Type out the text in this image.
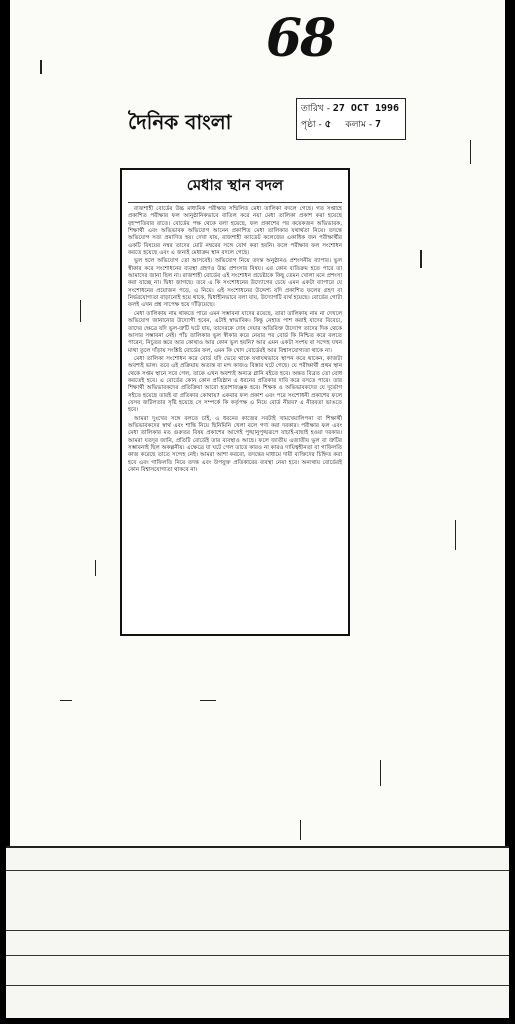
68
দৈনিক বাংলা
তারিখ - 27 OCT 1996
পৃষ্ঠা - ৫ কলাম - 7
মেধার স্থান বদল

রাজশাহী বোর্ডের উচ্চ মাধ্যমিক পরীক্ষার সম্মিলিত মেধা তালিকা বদলে গেছে। গত সপ্তাহে প্রকাশিত পরীক্ষার ফল আনুষ্ঠানিকভাবে বাতিল করে নয়া মেধা তালিকা প্রকাশ করা হয়েছে বৃহস্পতিবার রাতে। বোর্ডের পক্ষ থেকে বলা হয়েছে, ফল প্রকাশের পর কয়েকজন অভিভাবক, শিক্ষার্থী এবং অভিভাবক অভিযোগ আনেন প্রকাশিত মেধা তালিকার যথার্থতা নিয়ে। তদন্তে অভিযোগ সত্য প্রমাণিত হয়। দেখা যায়, রাজশাহী ক্যাডেট কলেজের একাধিক জন পরীক্ষার্থীর একটি বিষয়ের নম্বর তাদের মোট নম্বরের সঙ্গে যোগ করা হয়নি। ফলে পরীক্ষার ফল সংশোধন করতে হয়েছে এবং এ জন্যই মেধাক্রম স্থান বদলে গেছে।

ভুল হলে অভিযোগ তো আসবেই। অভিযোগ নিয়ে তদন্ত অনুষ্ঠানও প্রশংসনীয় ব্যাপার। ভুল স্বীকার করে সংশোধনের ব্যবস্থা গ্রহণও উচ্চ প্রশংসার বিষয়। এর কোন ব্যতিক্রম হতে পারে তা আমাদের জানা ছিল না। রাজশাহী বোর্ডের এই সংশোধন প্রচেষ্টাকে কিছু তেমন খোলা মনে প্রশংসা করা যাচ্ছে না। দ্বিধা জাগছে। তবে এ কি সংশোধনের উদ্যোগের চেয়ে এমন একটা ব্যাপারে যে সংশোধনের প্রয়োজন পড়ে, এ নিয়ে। এই সংশোধনের উদ্দেশ্য যদি প্রকাশিত ফলের গ্রহণ বা নির্ভরযোগ্যতা বাড়ানোই হয়ে থাকে, দ্বিধাহীনভাবে বলা যায়, উদ্যোগটি ব্যর্থ হয়েছে। বোর্ডের গোটা ফলই এখন প্রশ্ন সাপেক্ষ হয়ে দাঁড়িয়েছে।

মেধা তালিকায় নাম থাকতে পারে এমন সম্ভাবনা যাদের রয়েছে, তারা তালিকায় নাম না দেখলে অভিযোগ জানানোর উদ্যোগী হবেন, এটাই স্বাভাবিক। কিন্তু নেহাত পাশ করাই যাদের বিবেচ্য, তাদের ক্ষেত্রে যদি ভুল-ত্রুটি ঘটে যায়, তাদেরকে দোষ দেয়ার অতিরিক্ত উদ্যোগ তাদের দিক থেকে আসার সম্ভাবনা নেই। পাঁচ তালিকার ভুল স্বীকার করে নেয়ার পর বোর্ড কি নিশ্চিত করে বলতে পারেন, নিচুতর স্তরে আর কোথাও আর কোন ভুল হয়নি? আর এমন একটা সংশয় বা সন্দেহ যখন মাথা তুলে দাঁড়ায় সংশ্লিষ্ট বোর্ডের ফল, এমন কি খোদ বোর্ডেরই আর বিশ্বাসযোগ্যতা থাকে না।

মেধা তালিকা সংশোধন করে বোর্ড যদি ভেবে থাকে যথাযথভাবে স্থাপন করে থাকেন, কাজটা অবশ্যই ভাল। তবে এই প্রক্রিয়ায় অত্যন্ত বা মন্দ কাজও বিস্তার ঘটে গেছে। যে পরীক্ষার্থী প্রথম স্থান থেকে সপ্তম স্থানে সরে গেল, তাকে এখন অবশ্যই অন্যত্র গ্লানি বইতে হবে। অন্তত বিব্রত তো বোধ করতেই হবে। এ বোর্ডের কোন কোন প্রতিষ্ঠান এ ধরনের প্রতিকার দাবি করে বসতে পারে। তার শিক্ষার্থী অভিভাবকদের প্রতিক্রিয়া আরো হতাশাব্যঞ্জক হবে। শিক্ষক ও অভিভাবকদের যে দুর্ভোগ সইতে হয়েছে তারই বা প্রতিকার কোথায়? একবার ফল প্রকাশ এবং পরে সংশোধনী প্রকাশের ফলে যেসব জটিলতার সৃষ্টি হয়েছে সে সম্পর্কে কি কর্তৃপক্ষ এ নিয়ে বোর্ড নীরব? এ নীরবতা ভাঙতে হবে।

আমরা দুঃখের সঙ্গে বলতে চাই, এ ধরনের কাজের সবটাই খামখেয়ালিপনা বা শিক্ষার্থী অভিভাবকদের স্বার্থ এবং শান্তি নিয়ে ছিনিমিনি খেলা বলে গণ্য করা দরকার। পরীক্ষার ফল এবং মেধা তালিকার মত গুরুতর বিষয় প্রকাশের আগেই পুঙ্খানুপুঙ্খরূপে যাচাই-বাছাই হওয়া দরকার। আমরা যতদূর জানি, প্রতিটি বোর্ডেই তার ব্যবস্থাও আছে। ফলে জাতীয় এজাতীয় ভুল বা ত্রুটির সম্ভাবনাই ছিল অকল্পনীয়। এক্ষেত্রে যা ঘটে গেল তাতে কারও না কারও দায়িত্বহীনতা বা গাফিলতি কাজ করেছে তাতে সন্দেহ নেই। আমরা আশা করবো, তদন্তের মাধ্যমে দায়ী ব্যক্তিদের চিহ্নিত করা হবে এবং গাফিলতি নিয়ে তদন্ত এবং উপযুক্ত প্রতিকারের ব্যবস্থা নেয়া হবে। অন্যথায় বোর্ডেরই কোন বিশ্বাসযোগ্যতা থাকবে না।
